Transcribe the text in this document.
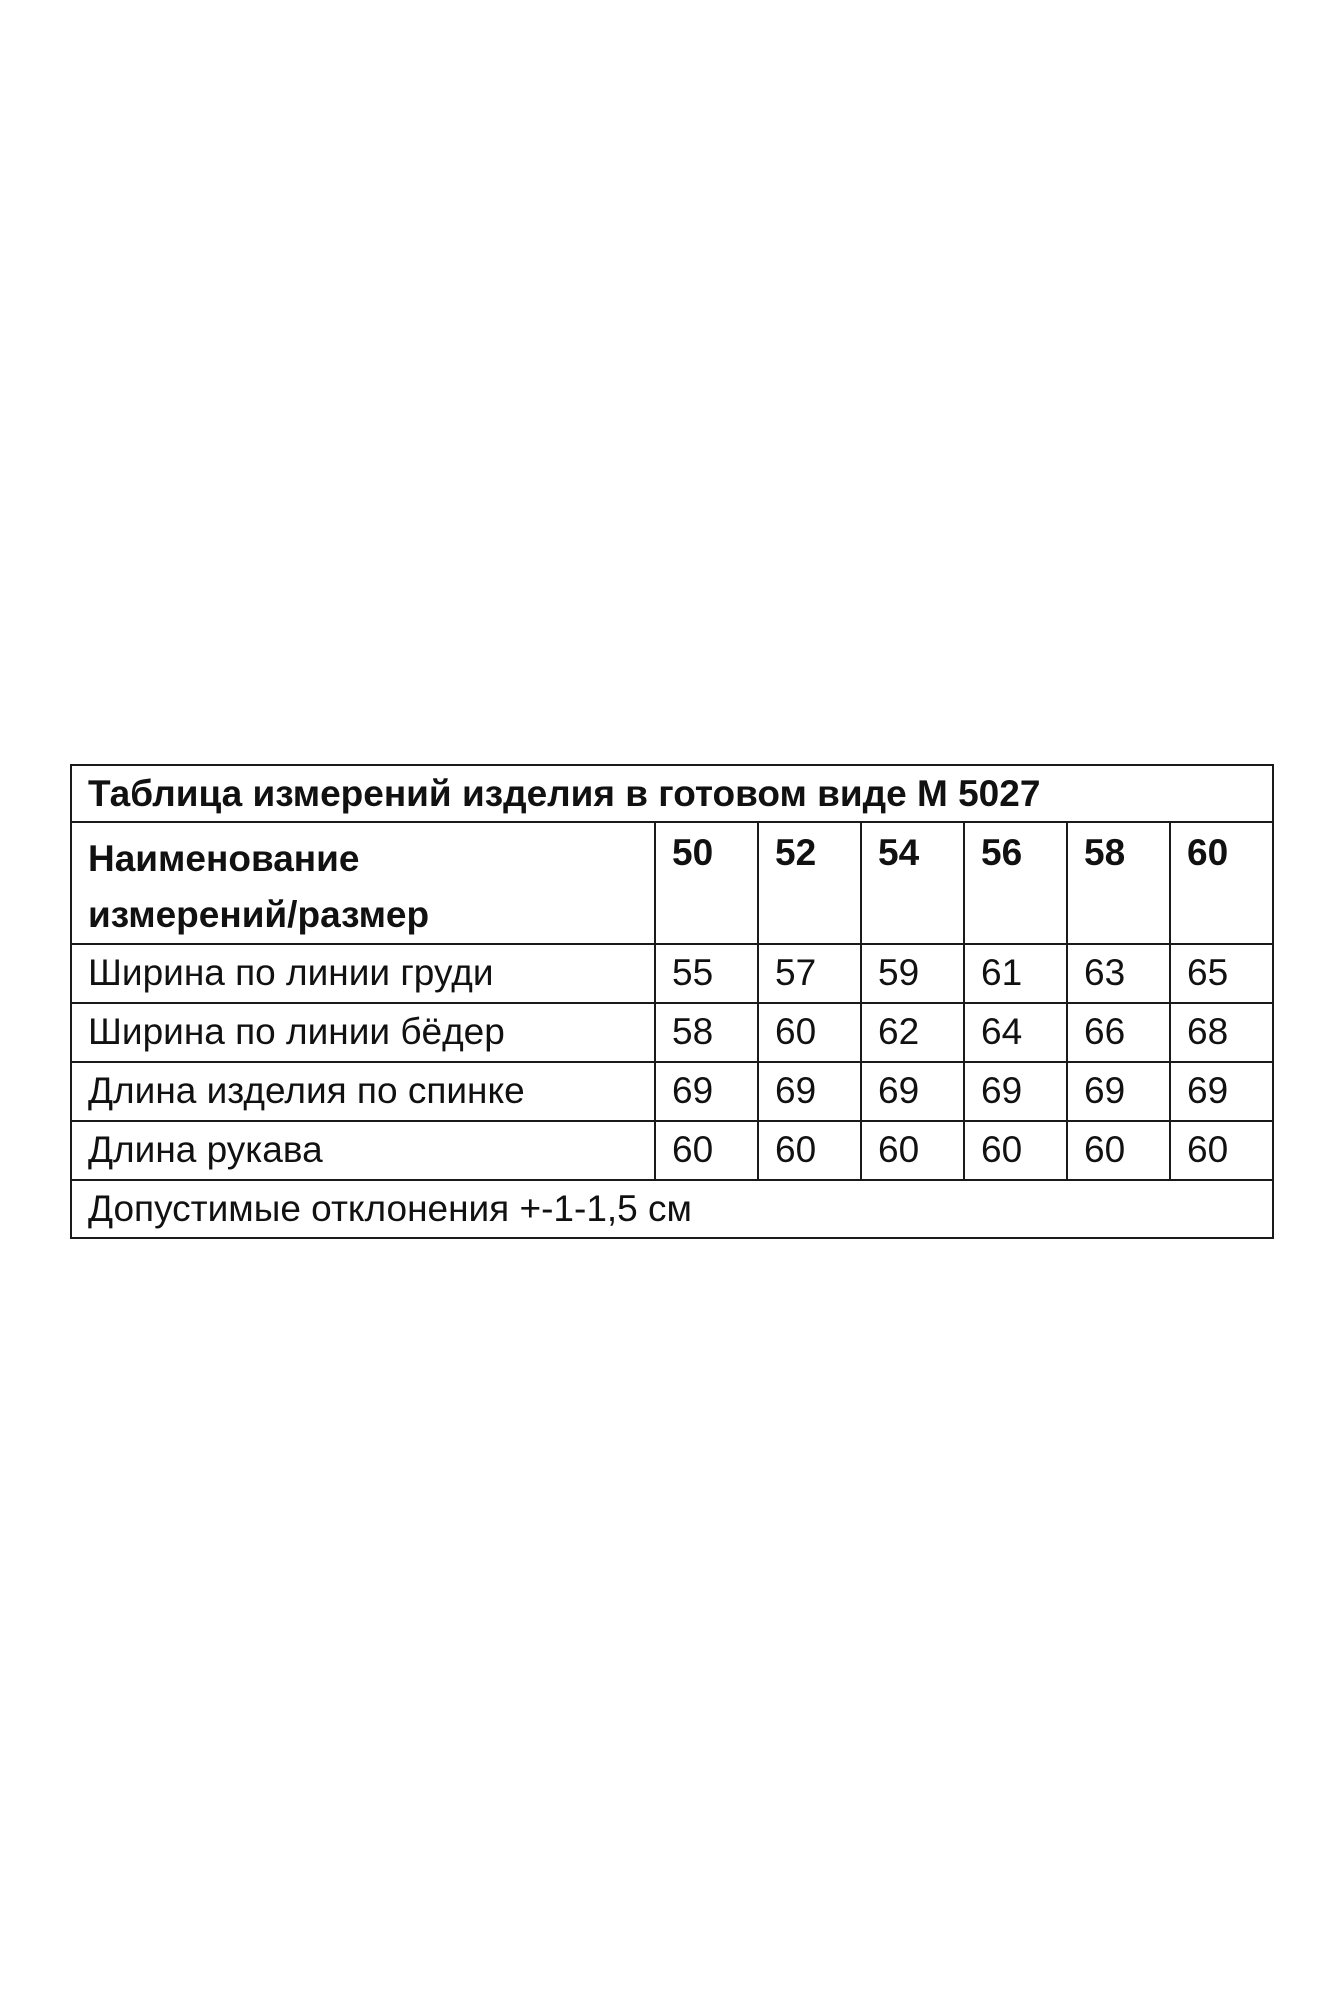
Таблица измерений изделия в готовом виде М 5027						
Наименование
измерений/размер	50	52	54	56	58	60
Ширина по линии груди	55	57	59	61	63	65
Ширина по линии бёдер	58	60	62	64	66	68
Длина изделия по спинке	69	69	69	69	69	69
Длина рукава	60	60	60	60	60	60
Допустимые отклонения +-1-1,5 см						
